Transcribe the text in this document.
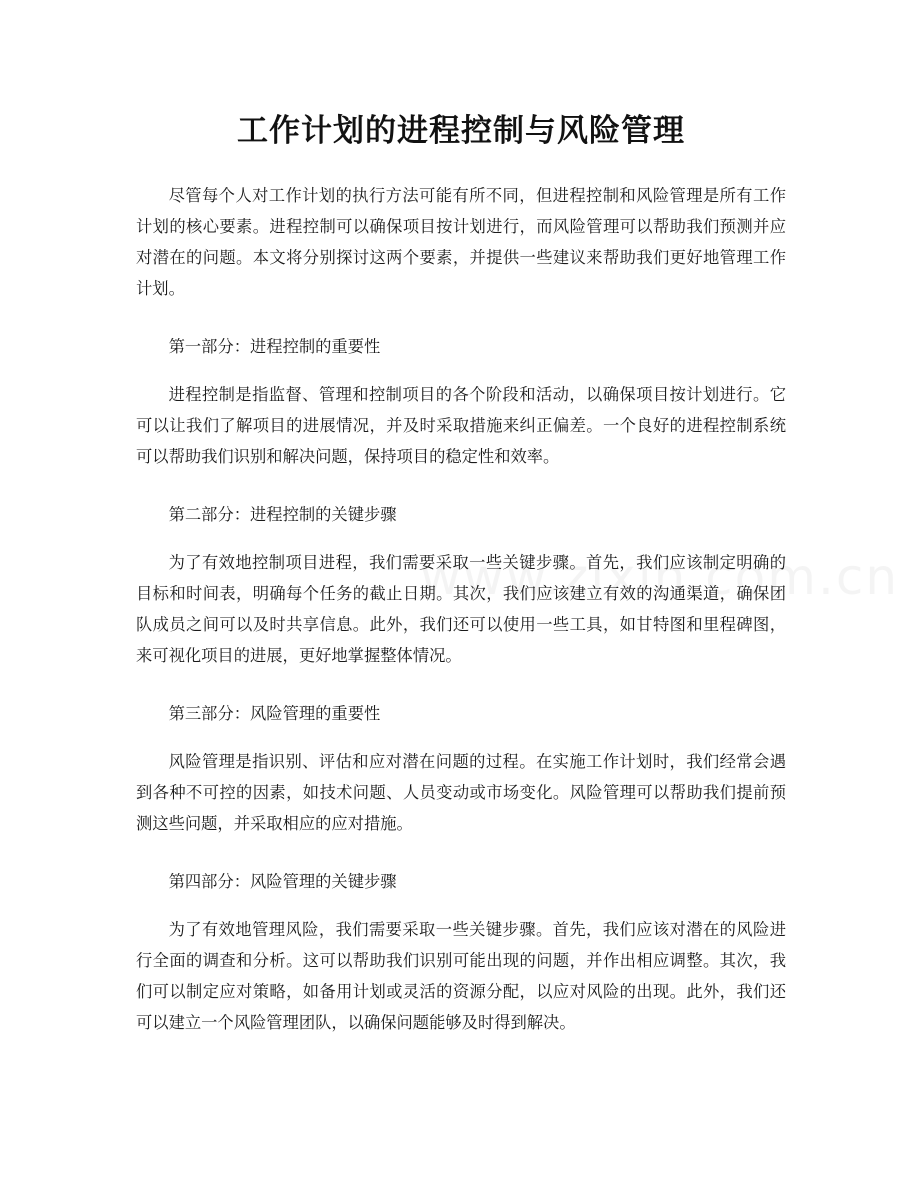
工作计划的进程控制与风险管理

尽管每个人对工作计划的执行方法可能有所不同，但进程控制和风险管理是所有工作计划的核心要素。进程控制可以确保项目按计划进行，而风险管理可以帮助我们预测并应对潜在的问题。本文将分别探讨这两个要素，并提供一些建议来帮助我们更好地管理工作计划。

第一部分：进程控制的重要性

进程控制是指监督、管理和控制项目的各个阶段和活动，以确保项目按计划进行。它可以让我们了解项目的进展情况，并及时采取措施来纠正偏差。一个良好的进程控制系统可以帮助我们识别和解决问题，保持项目的稳定性和效率。

第二部分：进程控制的关键步骤

为了有效地控制项目进程，我们需要采取一些关键步骤。首先，我们应该制定明确的目标和时间表，明确每个任务的截止日期。其次，我们应该建立有效的沟通渠道，确保团队成员之间可以及时共享信息。此外，我们还可以使用一些工具，如甘特图和里程碑图，来可视化项目的进展，更好地掌握整体情况。

第三部分：风险管理的重要性

风险管理是指识别、评估和应对潜在问题的过程。在实施工作计划时，我们经常会遇到各种不可控的因素，如技术问题、人员变动或市场变化。风险管理可以帮助我们提前预测这些问题，并采取相应的应对措施。

第四部分：风险管理的关键步骤

为了有效地管理风险，我们需要采取一些关键步骤。首先，我们应该对潜在的风险进行全面的调查和分析。这可以帮助我们识别可能出现的问题，并作出相应调整。其次，我们可以制定应对策略，如备用计划或灵活的资源分配，以应对风险的出现。此外，我们还可以建立一个风险管理团队，以确保问题能够及时得到解决。
